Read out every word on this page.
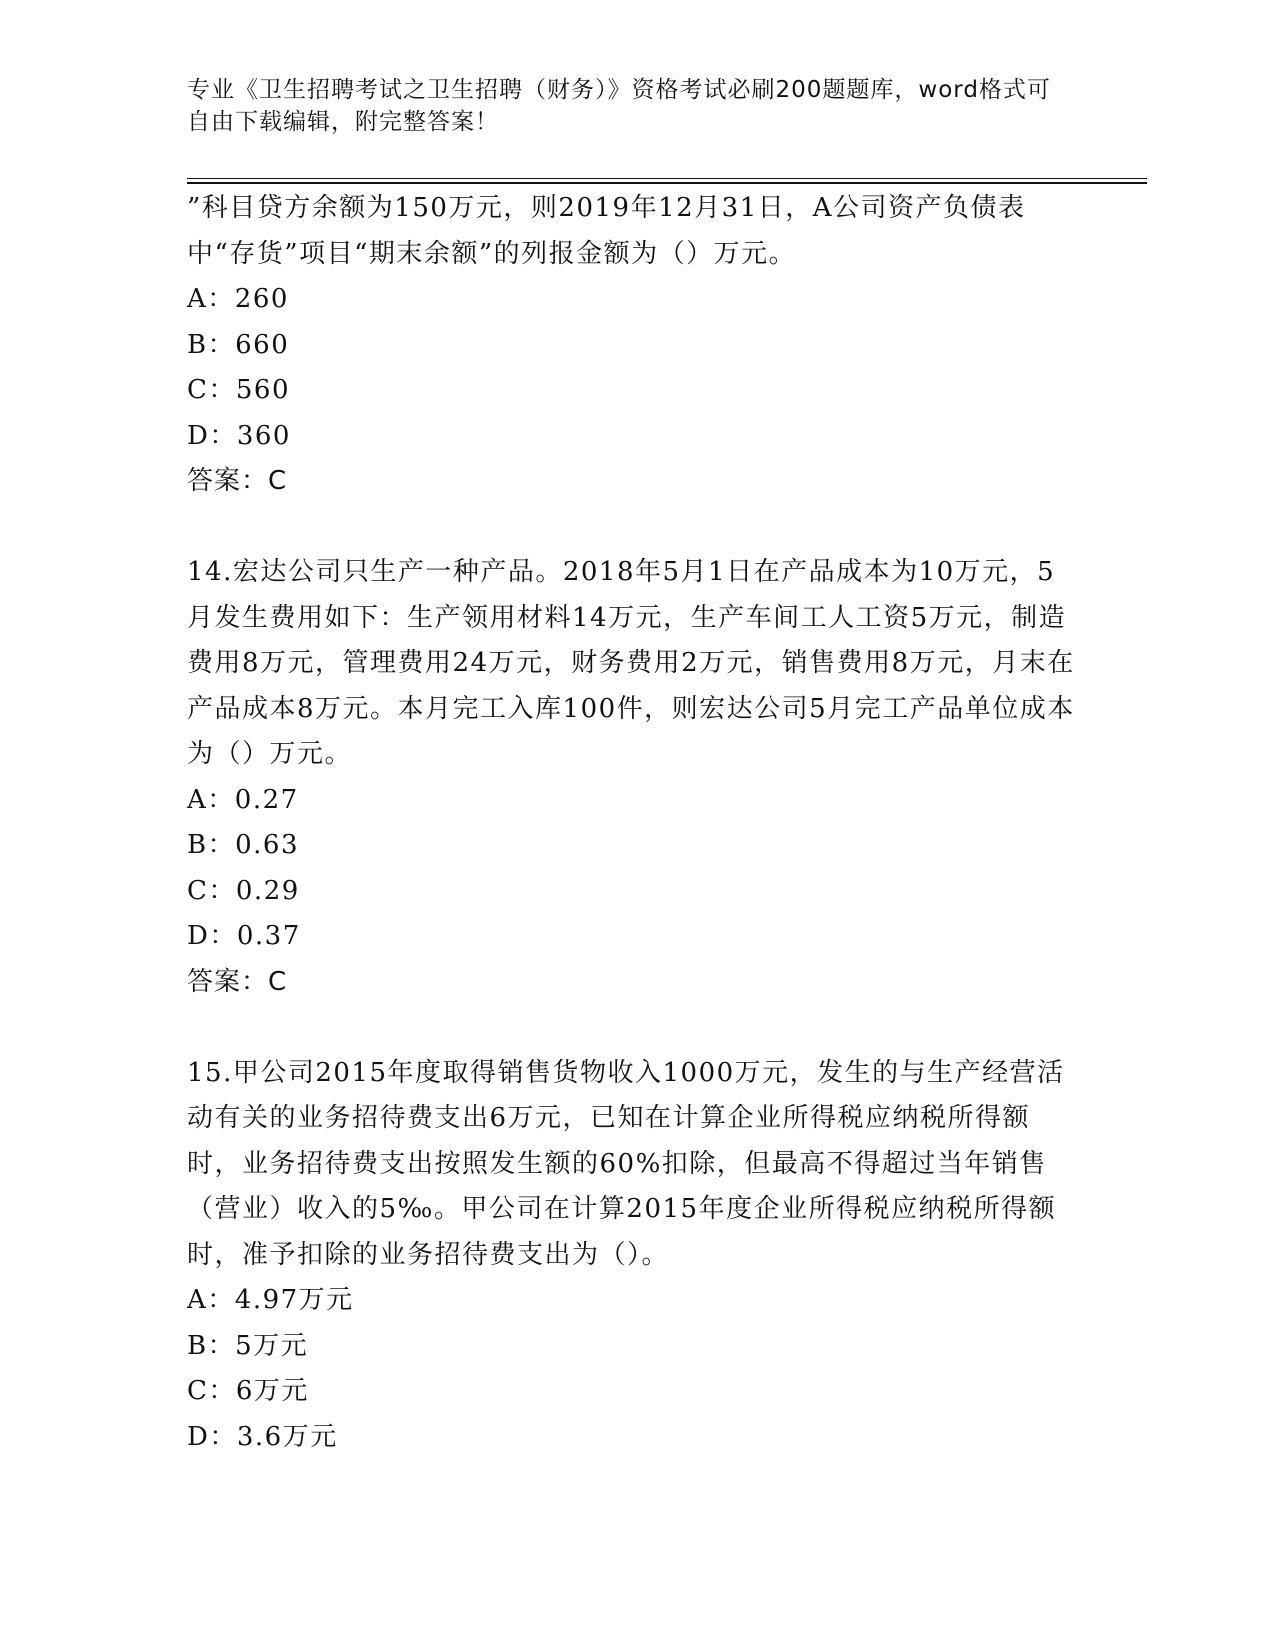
专业《卫生招聘考试之卫生招聘（财务）》资格考试必刷200题题库，word格式可自由下载编辑，附完整答案！

”科目贷方余额为150万元，则2019年12月31日，A公司资产负债表中“存货”项目“期末余额”的列报金额为（）万元。

A：260

B：660

C：560

D：360

答案：C

14.宏达公司只生产一种产品。2018年5月1日在产品成本为10万元，5月发生费用如下：生产领用材料14万元，生产车间工人工资5万元，制造费用8万元，管理费用24万元，财务费用2万元，销售费用8万元，月末在产品成本8万元。本月完工入库100件，则宏达公司5月完工产品单位成本为（）万元。

A：0.27

B：0.63

C：0.29

D：0.37

答案：C

15.甲公司2015年度取得销售货物收入1000万元，发生的与生产经营活动有关的业务招待费支出6万元，已知在计算企业所得税应纳税所得额时，业务招待费支出按照发生额的60%扣除，但最高不得超过当年销售（营业）收入的5‰。甲公司在计算2015年度企业所得税应纳税所得额时，准予扣除的业务招待费支出为（）。

A：4.97万元

B：5万元

C：6万元

D：3.6万元
